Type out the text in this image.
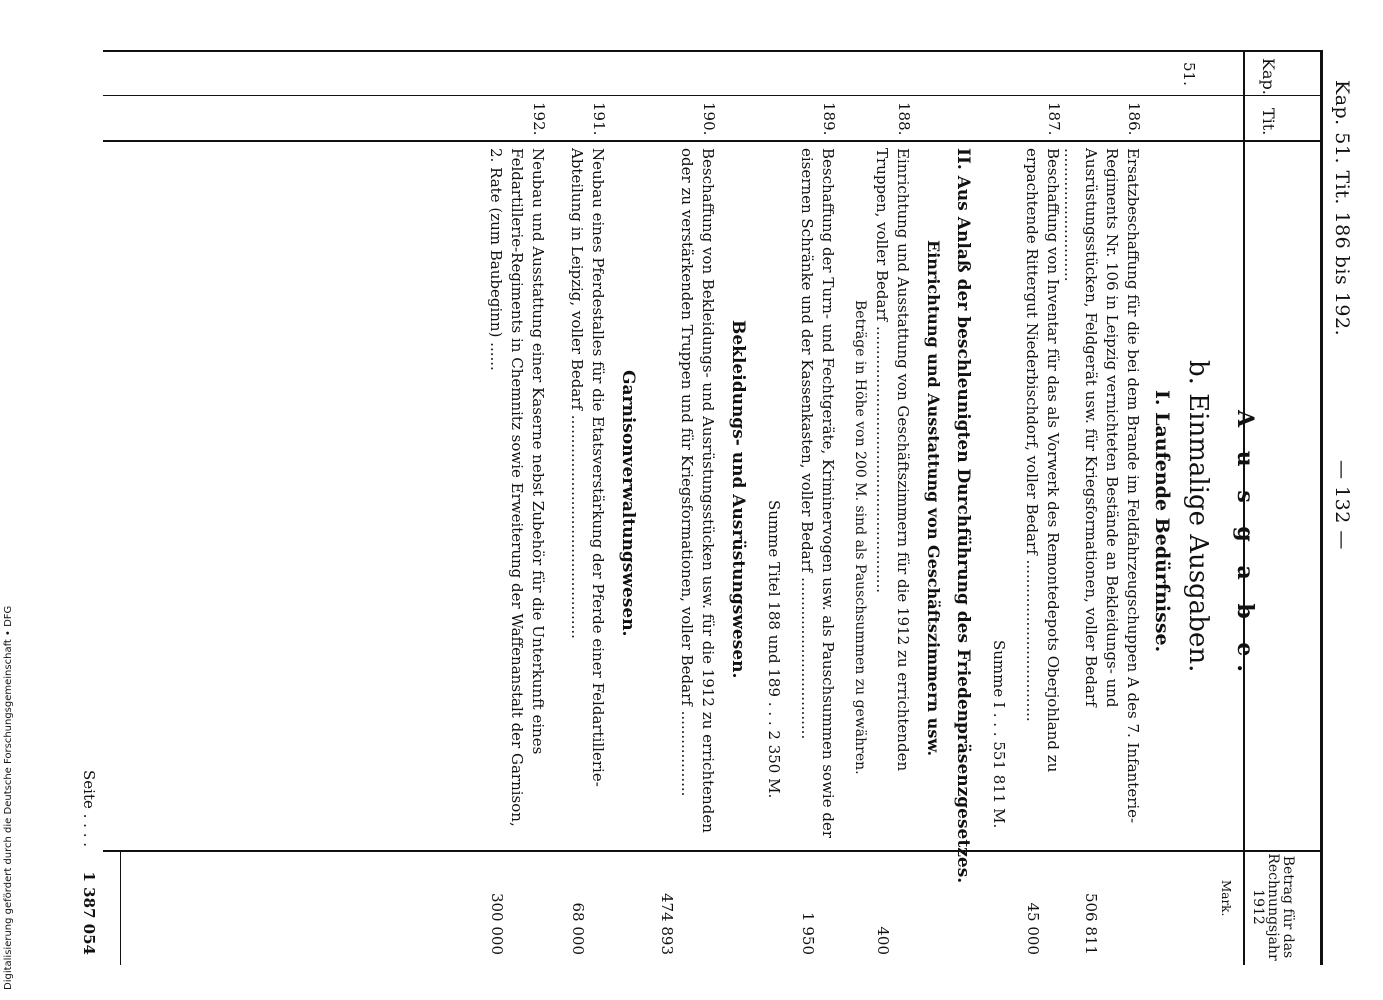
Kap. 51. Tit. 186 bis 192.
— 132 —
Kap.
Tit.
Betrag für das Rechnungsjahr 1912
Mark.
51.
A u s g a b e.
b. Einmalige Ausgaben.
I. Laufende Bedürfnisse.
186.
Ersatzbeschaffung für die bei dem Brande im Feldfahrzeugschuppen A des 7. Infanterie-Regiments Nr. 106 in Leipzig vernichteten Bestände an Bekleidungs- und Ausrüstungsstücken, Feldgerät usw. für Kriegsformationen, voller Bedarf ............................
506 811
187.
Beschaffung von Inventar für das als Vorwerk des Remontedepots Oberjohland zu erpachtende Rittergut Niederbischdorf, voller Bedarf ..................................
45 000
Summe I . . . 551 811 M.
II. Aus Anlaß der beschleunigten Durchführung des Friedenpräsenzgesetzes.
Einrichtung und Ausstattung von Geschäftszimmern usw.
188.
Einrichtung und Ausstattung von Geschäftszimmern für die 1912 zu errichtenden Truppen, voller Bedarf ........................................................
400
Beträge in Höhe von 200 M. sind als Pauschsummen zu gewähren.
189.
Beschaffung der Turn- und Fechtgeräte, Kriminervogen usw. als Pauschsummen sowie der eisernen Schränke und der Kassenkasten, voller Bedarf ..................................
1 950
Summe Titel 188 und 189 . . . 2 350 M.
Bekleidungs- und Ausrüstungswesen.
190.
Beschaffung von Bekleidungs- und Ausrüstungsstücken usw. für die 1912 zu errichtenden oder zu verstärkenden Truppen und für Kriegsformationen, voller Bedarf ..................
474 893
Garnisonverwaltungswesen.
191.
Neubau eines Pferdestalles für die Etatsverstärkung der Pferde einer Feldartillerie-Abteilung in Leipzig, voller Bedarf ...............................................
68 000
192.
Neubau und Ausstattung einer Kaserne nebst Zubehör für die Unterkunft eines Feldartillerie-Regiments in Chemnitz sowie Erweiterung der Waffenanstalt der Garnison, 2. Rate (zum Baubeginn) ......
300 000
Seite . . . .
1 387 054
Digitalisierung gefördert durch die Deutsche Forschungsgemeinschaft • DFG
